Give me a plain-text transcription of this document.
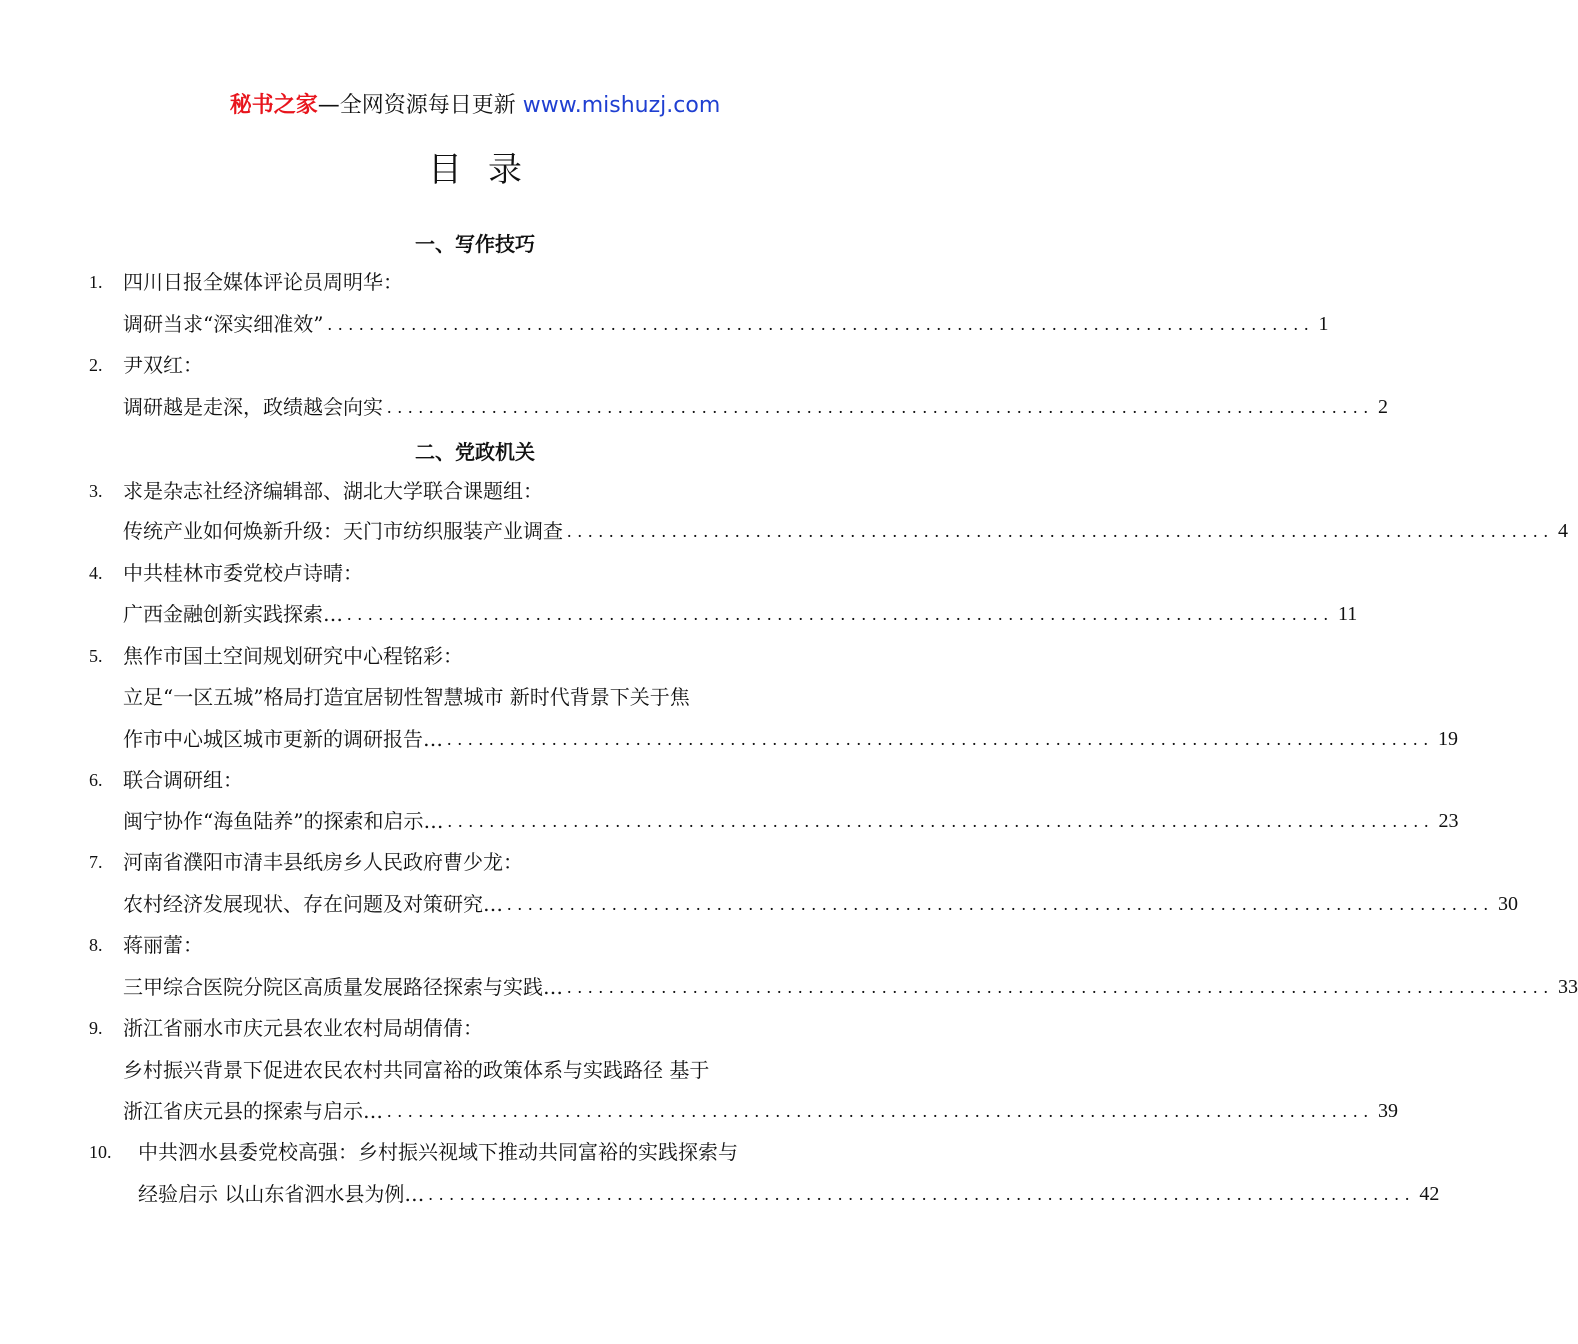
秘书之家—全网资源每日更新 www.mishuzj.com
目录
一、写作技巧
1. 四川日报全媒体评论员周明华：
调研当求“深实细准效” .............................................................................................. 1
2. 尹双红：
调研越是走深，政绩越会向实 .............................................................................................. 2
二、党政机关
3. 求是杂志社经济编辑部、湖北大学联合课题组：
传统产业如何焕新升级：天门市纺织服装产业调查 .............................................................................................. 4
4. 中共桂林市委党校卢诗晴：
广西金融创新实践探索… .............................................................................................. 11
5. 焦作市国土空间规划研究中心程铭彩：
立足“一区五城”格局打造宜居韧性智慧城市 新时代背景下关于焦
作市中心城区城市更新的调研报告… .............................................................................................. 19
6. 联合调研组：
闽宁协作“海鱼陆养”的探索和启示… .............................................................................................. 23
7. 河南省濮阳市清丰县纸房乡人民政府曹少龙：
农村经济发展现状、存在问题及对策研究… .............................................................................................. 30
8. 蒋丽蕾：
三甲综合医院分院区高质量发展路径探索与实践… .............................................................................................. 33
9. 浙江省丽水市庆元县农业农村局胡倩倩：
乡村振兴背景下促进农民农村共同富裕的政策体系与实践路径 基于
浙江省庆元县的探索与启示… .............................................................................................. 39
10. 中共泗水县委党校高强：乡村振兴视域下推动共同富裕的实践探索与
经验启示 以山东省泗水县为例… .............................................................................................. 42
